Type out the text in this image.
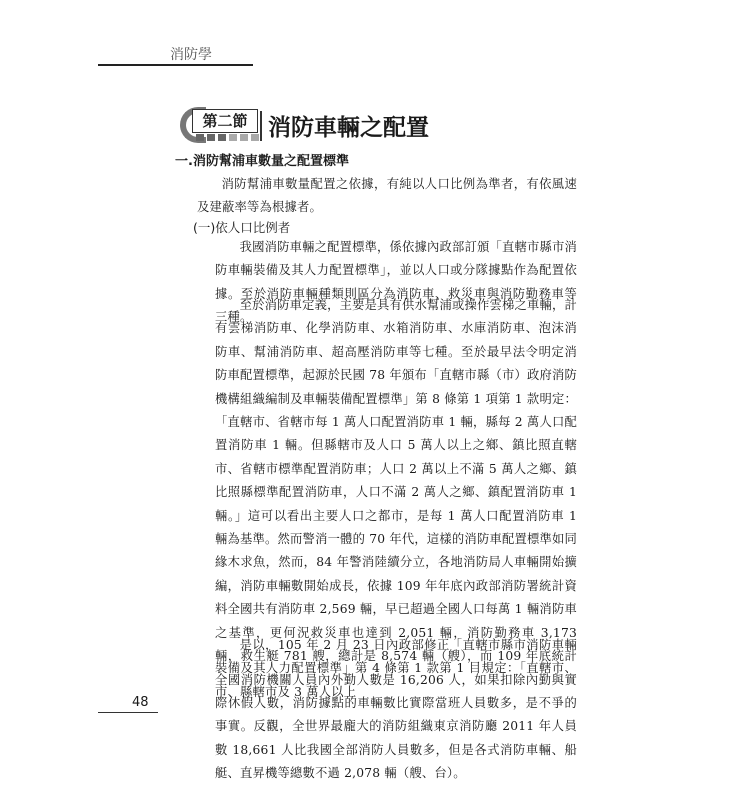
消防學
第二節 消防車輛之配置
一.消防幫浦車數量之配置標準

消防幫浦車數量配置之依據，有純以人口比例為準者，有依風速及建蔽率等為根據者。

(一)依人口比例者

我國消防車輛之配置標準，係依據內政部訂頒「直轄市縣市消防車輛裝備及其人力配置標準」，並以人口或分隊據點作為配置依據。至於消防車輛種類則區分為消防車、救災車與消防勤務車等三種。

至於消防車定義，主要是具有供水幫浦或操作雲梯之車輛，計有雲梯消防車、化學消防車、水箱消防車、水庫消防車、泡沫消防車、幫浦消防車、超高壓消防車等七種。至於最早法令明定消防車配置標準，起源於民國 78 年頒布「直轄市縣（市）政府消防機構組織編制及車輛裝備配置標準」第 8 條第 1 項第 1 款明定：「直轄市、省轄市每 1 萬人口配置消防車 1 輛，縣每 2 萬人口配置消防車 1 輛。但縣轄市及人口 5 萬人以上之鄉、鎮比照直轄市、省轄市標準配置消防車；人口 2 萬以上不滿 5 萬人之鄉、鎮比照縣標準配置消防車，人口不滿 2 萬人之鄉、鎮配置消防車 1 輛。」這可以看出主要人口之都市，是每 1 萬人口配置消防車 1 輛為基準。然而警消一體的 70 年代，這樣的消防車配置標準如同緣木求魚，然而，84 年警消陸續分立，各地消防局人車輛開始擴編，消防車輛數開始成長，依據 109 年年底內政部消防署統計資料全國共有消防車 2,569 輛，早已超過全國人口每萬 1 輛消防車之基準，更何況救災車也達到 2,051 輛，消防勤務車 3,173 輛，救生艇 781 艘，總計是 8,574 輛（艘），而 109 年底統計全國消防機關人員內外勤人數是 16,206 人，如果扣除內勤與實際休假人數，消防據點的車輛數比實際當班人員數多，是不爭的事實。反觀，全世界最龐大的消防組織東京消防廳 2011 年人員數 18,661 人比我國全部消防人員數多，但是各式消防車輛、船艇、直昇機等總數不過 2,078 輛（艘、台）。

是以，105 年 2 月 23 日內政部修正「直轄市縣市消防車輛裝備及其人力配置標準」第 4 條第 1 款第 1 目規定：「直轄市、市、縣轄市及 3 萬人以上

48
